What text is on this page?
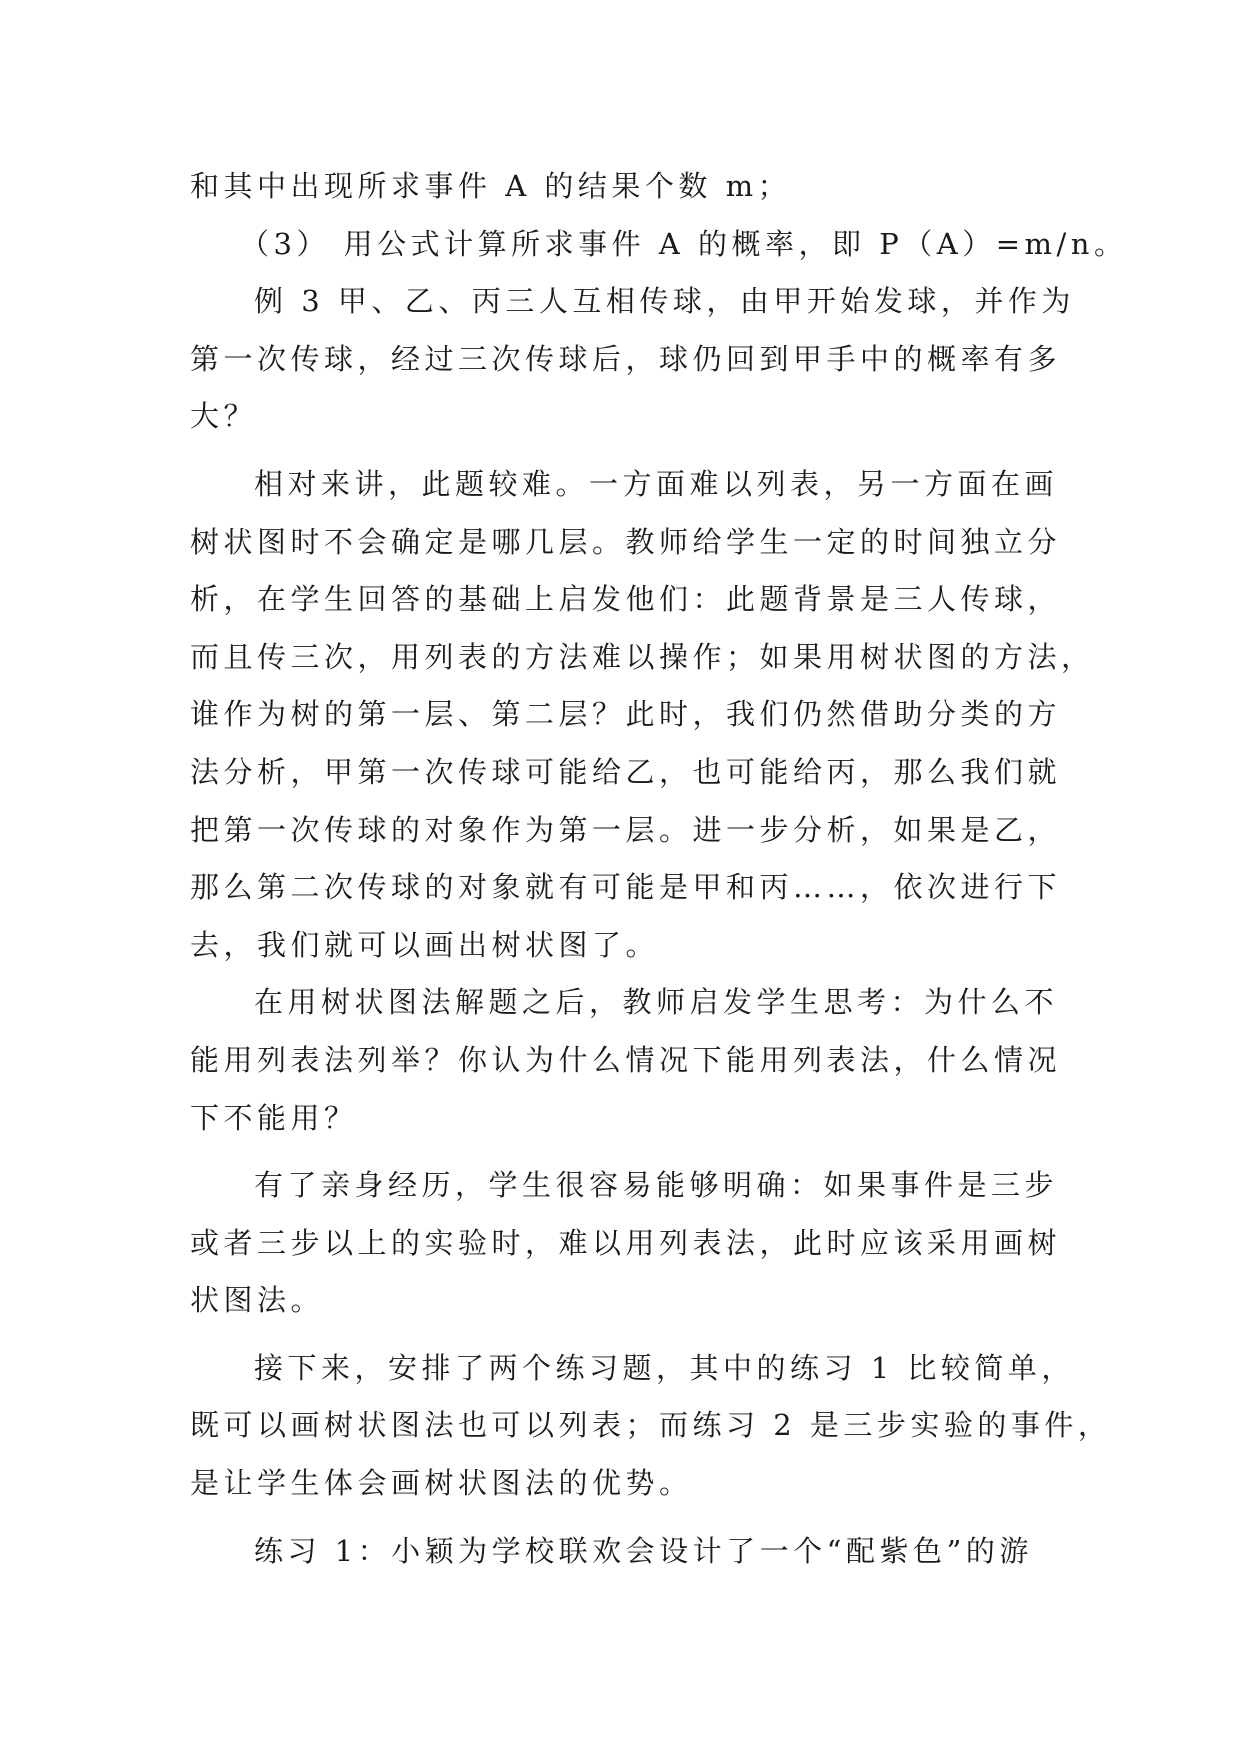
和其中出现所求事件 A 的结果个数 m；
（3） 用公式计算所求事件 A 的概率，即 P（A）=m/n。
例 3 甲、乙、丙三人互相传球，由甲开始发球，并作为
第一次传球，经过三次传球后，球仍回到甲手中的概率有多
大？
相对来讲，此题较难。一方面难以列表，另一方面在画
树状图时不会确定是哪几层。教师给学生一定的时间独立分
析，在学生回答的基础上启发他们：此题背景是三人传球，
而且传三次，用列表的方法难以操作；如果用树状图的方法，
谁作为树的第一层、第二层？此时，我们仍然借助分类的方
法分析，甲第一次传球可能给乙，也可能给丙，那么我们就
把第一次传球的对象作为第一层。进一步分析，如果是乙，
那么第二次传球的对象就有可能是甲和丙……，依次进行下
去，我们就可以画出树状图了。
在用树状图法解题之后，教师启发学生思考：为什么不
能用列表法列举？你认为什么情况下能用列表法，什么情况
下不能用？
有了亲身经历，学生很容易能够明确：如果事件是三步
或者三步以上的实验时，难以用列表法，此时应该采用画树
状图法。
接下来，安排了两个练习题，其中的练习 1 比较简单，
既可以画树状图法也可以列表；而练习 2 是三步实验的事件，
是让学生体会画树状图法的优势。
练习 1：小颖为学校联欢会设计了一个“配紫色”的游
